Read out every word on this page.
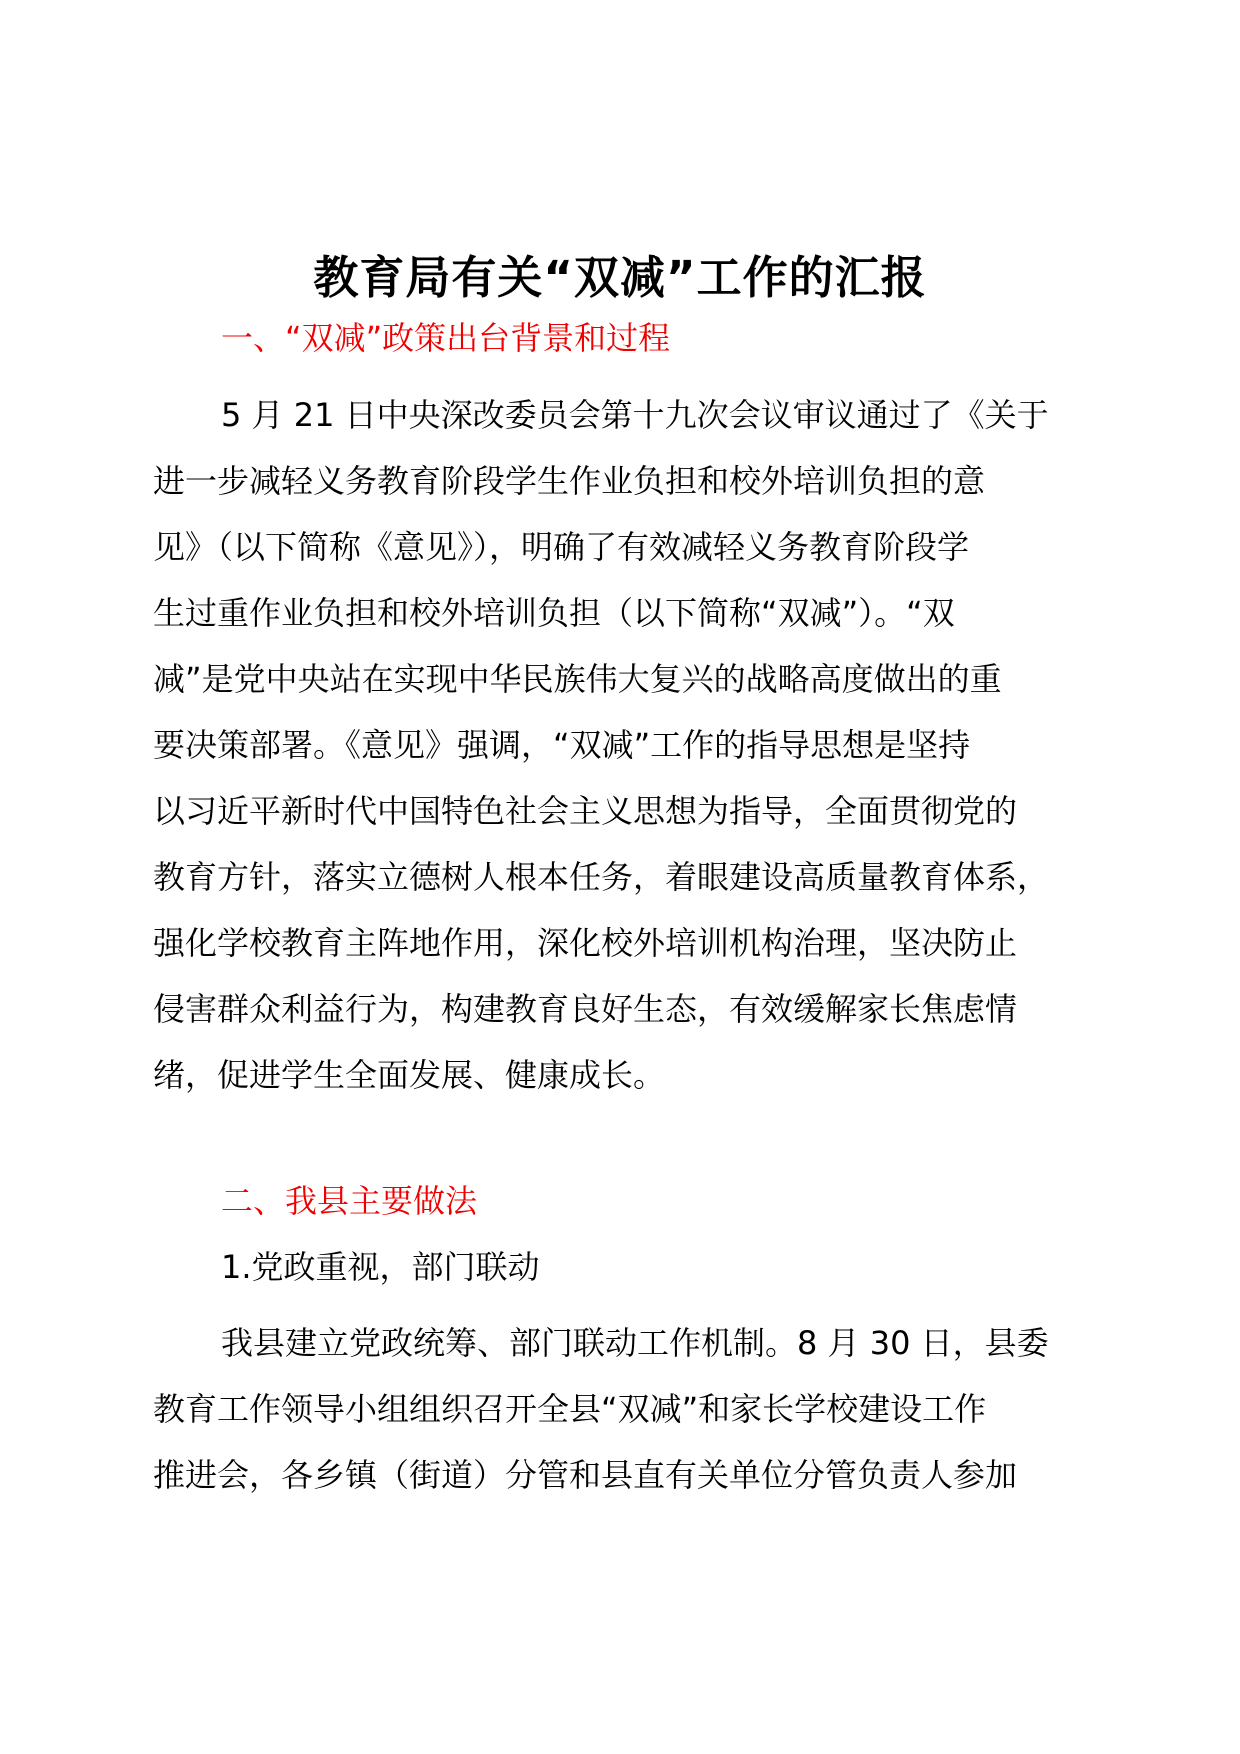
教育局有关“双减”工作的汇报
一、“双减”政策出台背景和过程
5 月 21 日中央深改委员会第十九次会议审议通过了《关于
进一步减轻义务教育阶段学生作业负担和校外培训负担的意
见》（以下简称《意见》），明确了有效减轻义务教育阶段学
生过重作业负担和校外培训负担（以下简称“双减”）。“双
减”是党中央站在实现中华民族伟大复兴的战略高度做出的重
要决策部署。《意见》强调，“双减”工作的指导思想是坚持
以习近平新时代中国特色社会主义思想为指导，全面贯彻党的
教育方针，落实立德树人根本任务，着眼建设高质量教育体系，
强化学校教育主阵地作用，深化校外培训机构治理，坚决防止
侵害群众利益行为，构建教育良好生态，有效缓解家长焦虑情
绪，促进学生全面发展、健康成长。
二、我县主要做法
1.党政重视，部门联动
我县建立党政统筹、部门联动工作机制。8 月 30 日，县委
教育工作领导小组组织召开全县“双减”和家长学校建设工作
推进会，各乡镇（街道）分管和县直有关单位分管负责人参加
